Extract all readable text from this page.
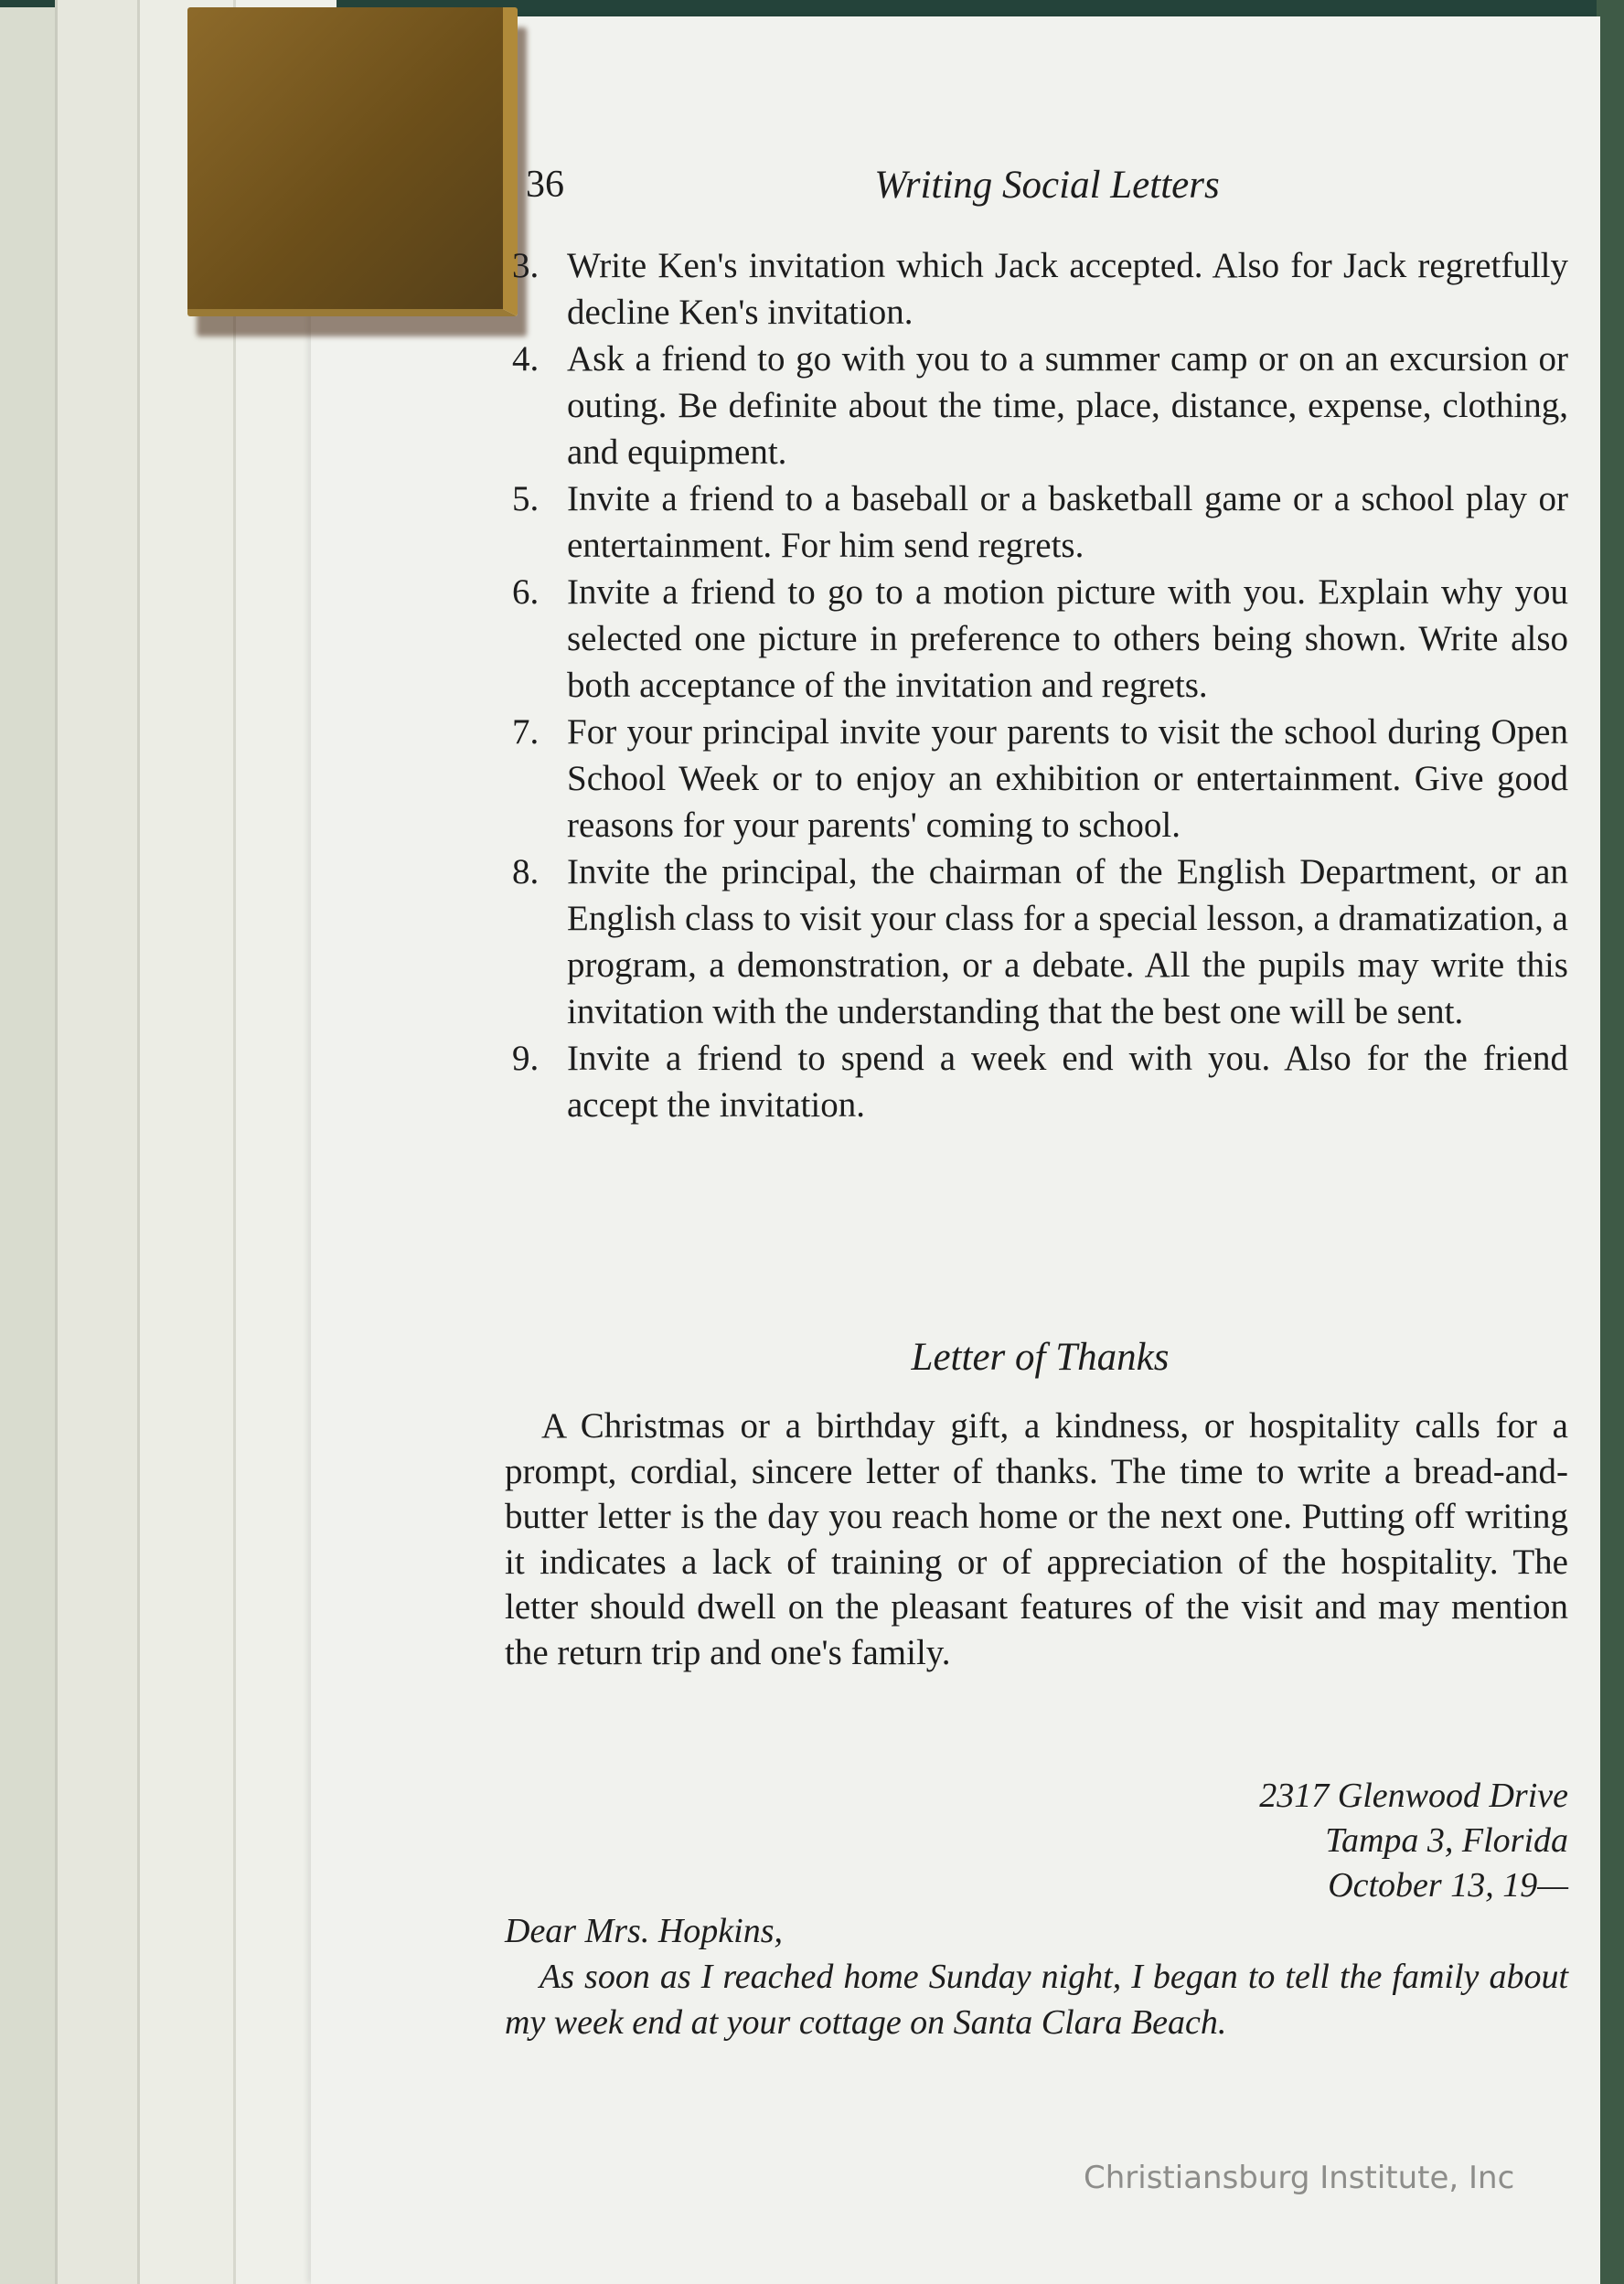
36	Writing Social Letters
3. Write Ken's invitation which Jack accepted. Also for Jack regretfully decline Ken's invitation.
4. Ask a friend to go with you to a summer camp or on an excursion or outing. Be definite about the time, place, distance, expense, clothing, and equipment.
5. Invite a friend to a baseball or a basketball game or a school play or entertainment. For him send regrets.
6. Invite a friend to go to a motion picture with you. Explain why you selected one picture in preference to others being shown. Write also both acceptance of the invitation and regrets.
7. For your principal invite your parents to visit the school during Open School Week or to enjoy an exhibition or entertainment. Give good reasons for your parents' coming to school.
8. Invite the principal, the chairman of the English Department, or an English class to visit your class for a special lesson, a dramatization, a program, a demonstration, or a debate. All the pupils may write this invitation with the understanding that the best one will be sent.
9. Invite a friend to spend a week end with you. Also for the friend accept the invitation.
Letter of Thanks
A Christmas or a birthday gift, a kindness, or hospitality calls for a prompt, cordial, sincere letter of thanks. The time to write a bread-and-butter letter is the day you reach home or the next one. Putting off writing it indicates a lack of training or of appreciation of the hospitality. The letter should dwell on the pleasant features of the visit and may mention the return trip and one's family.
2317 Glenwood Drive
Tampa 3, Florida
October 13, 19—
Dear Mrs. Hopkins,
As soon as I reached home Sunday night, I began to tell the family about my week end at your cottage on Santa Clara Beach.
Christiansburg Institute, Inc
